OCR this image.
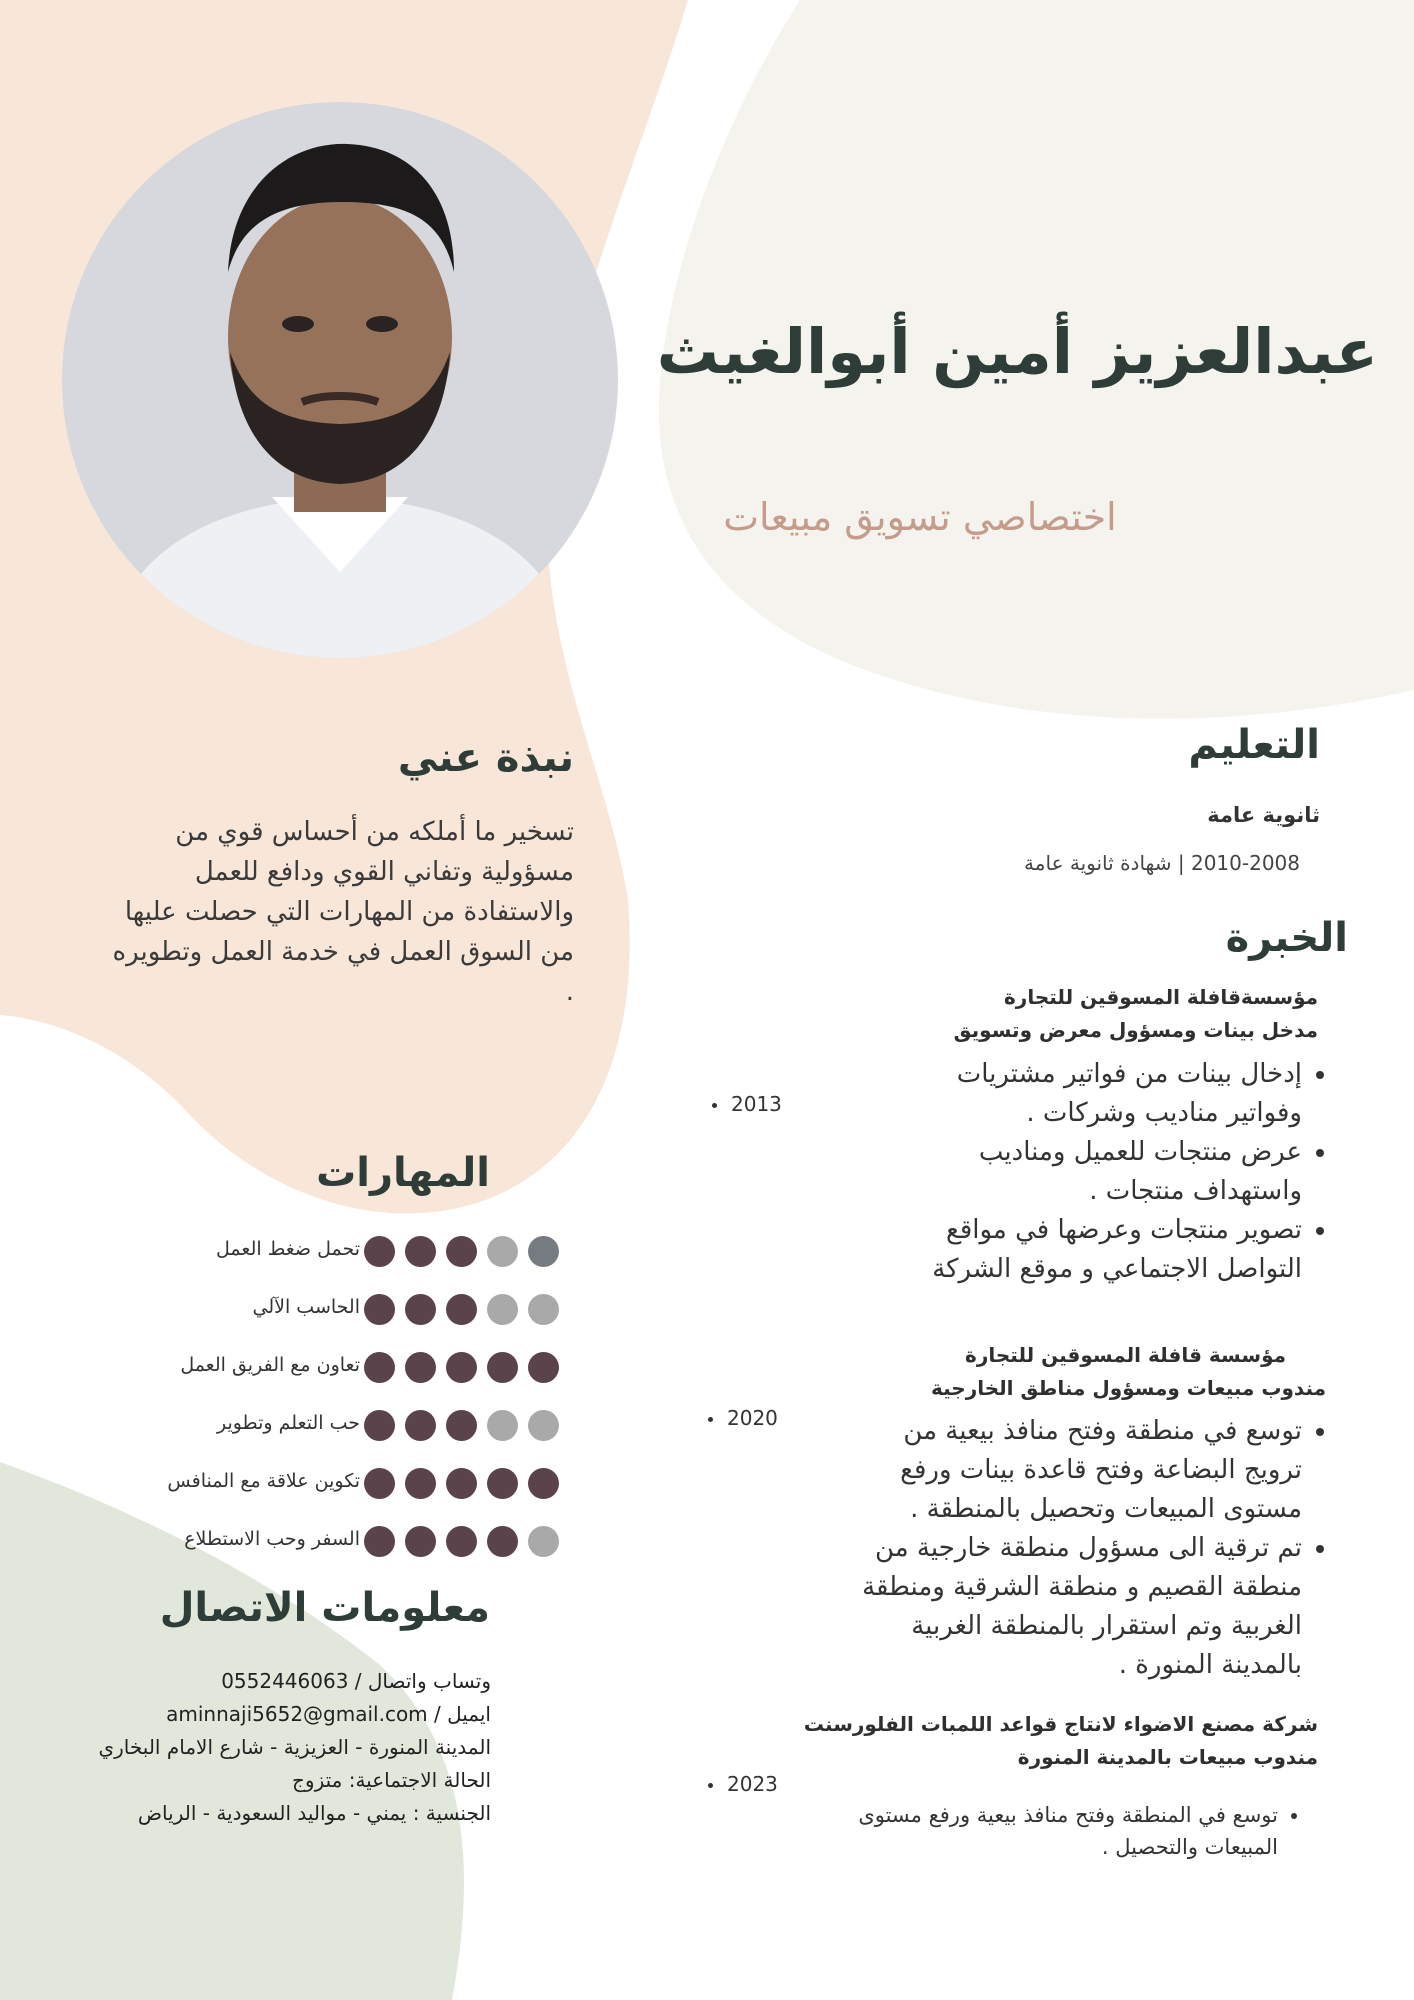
عبدالعزيز أمين أبوالغيث
اختصاصي تسويق مبيعات
نبذة عني
تسخير ما أملكه من أحساس قوي من مسؤولية وتفاني القوي ودافع للعمل والاستفادة من المهارات التي حصلت عليها من السوق العمل في خدمة العمل وتطويره .
التعليم
ثانوية عامة
2010-2008 | شهادة ثانوية عامة
الخبرة
مؤسسةقافلة المسوقين للتجارة
مدخل بينات ومسؤول معرض وتسويق
2013
• إدخال بينات من فواتير مشتريات وفواتير مناديب وشركات .
• عرض منتجات للعميل ومناديب واستهداف منتجات .
• تصوير منتجات وعرضها في مواقع التواصل الاجتماعي و موقع الشركة
مؤسسة قافلة المسوقين للتجارة
مندوب مبيعات ومسؤول مناطق الخارجية
2020
•	توسع في منطقة وفتح منافذ بيعية من ترويج البضاعة وفتح قاعدة بينات ورفع مستوى المبيعات وتحصيل بالمنطقة .
• تم ترقية الى مسؤول منطقة خارجية من منطقة القصيم و منطقة الشرقية ومنطقة الغربية وتم استقرار بالمنطقة الغربية بالمدينة المنورة .
شركة مصنع الاضواء لانتاج قواعد اللمبات الفلورسنت
مندوب مبيعات بالمدينة المنورة
2023
• توسع في المنطقة وفتح منافذ بيعية ورفع مستوى المبيعات والتحصيل .
المهارات
تحمل ضغط العمل
الحاسب الآلي
تعاون مع الفريق العمل
حب التعلم وتطوير
تكوين علاقة مع المنافس
السفر وحب الاستطلاع
معلومات الاتصال
وتساب واتصال / 0552446063
ايميل / aminnaji5652@gmail.com
المدينة المنورة - العزيزية - شارع الامام البخاري
الحالة الاجتماعية: متزوج
الجنسية : يمني - مواليد السعودية - الرياض
